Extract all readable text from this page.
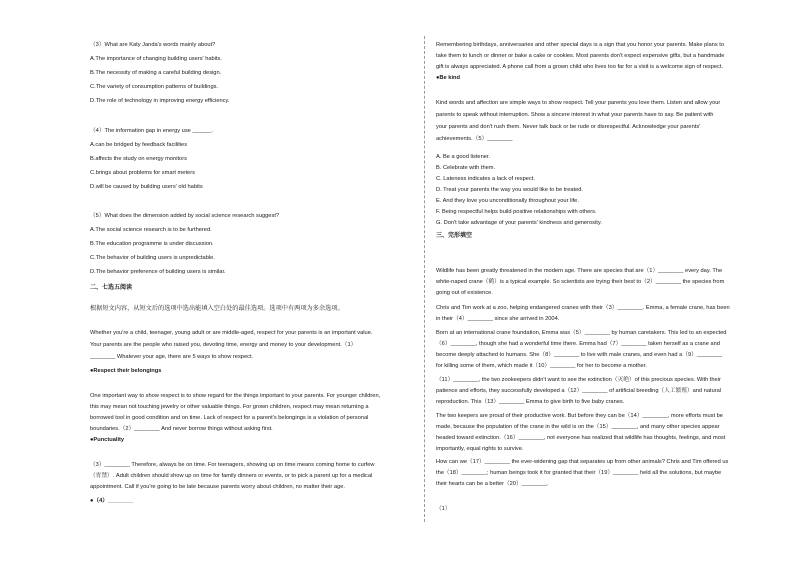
（3）What are Katy Janda's words mainly about?
A.The importance of changing building users' habits.
B.The necessity of making a careful building design.
C.The variety of consumption patterns of buildings.
D.The role of technology in improving energy efficiency.
（4）The information gap in energy use ______.
A.can be bridged by feedback facilities
B.affects the study on energy monitors
C.brings about problems for smart meters
D.will be caused by building users' old habits
（5）What does the dimension added by social science research suggest?
A.The social science research is to be furthered.
B.The education programme is under discussion.
C.The behavior of building users is unpredictable.
D.The behavior preference of building users is similar.
二、七选五阅读
根据短文内容，从短文后的选项中选出能填入空白处的最佳选项。选项中有两项为多余选项。
Whether you're a child, teenager, young adult or are middle-aged, respect for your parents is an important value.
Your parents are the people who raised you, devoting time, energy and money to your development.（1）
________ Whatever your age, there are 5 ways to show respect.
●Respect their belongings
One important way to show respect is to show regard for the things important to your parents. For younger children,
this may mean not touching jewelry or other valuable things. For grown children, respect may mean returning a
borrowed tool in good condition and on time. Lack of respect for a parent's belongings is a violation of personal
boundaries.（2）________ And never borrow things without asking first.
●Punctuality
（3）________ Therefore, always be on time. For teenagers, showing up on time means coming home to curfew
（宵禁）. Adult children should show up on time for family dinners or events, or to pick a parent up for a medical
appointment. Call if you're going to be late because parents worry about children, no matter their age.
●（4）________
Remembering birthdays, anniversaries and other special days is a sign that you honor your parents. Make plans to
take them to lunch or dinner or bake a cake or cookies. Most parents don't expect expensive gifts, but a handmade
gift is always appreciated. A phone call from a grown child who lives too far for a visit is a welcome sign of respect.
●Be kind
Kind words and affection are simple ways to show respect. Tell your parents you love them. Listen and allow your
parents to speak without interruption. Show a sincere interest in what your parents have to say. Be patient with
your parents and don't rush them. Never talk back or be rude or disrespectful. Acknowledge your parents'
achievements.（5）________
A. Be a good listener.
B. Celebrate with them.
C. Lateness indicates a lack of respect.
D. Treat your parents the way you would like to be treated.
E. And they love you unconditionally throughout your life.
F. Being respectful helps build positive relationships with others.
G. Don't take advantage of your parents' kindness and generosity.
三、完形填空
Wildlife has been greatly threatened in the modern age. There are species that are（1）________ every day. The
white-naped crane（鹤）is a typical example. So scientists are trying their best to（2）________ the species from
going out of existence.
Chris and Tim work at a zoo, helping endangered cranes with their（3）________. Emma, a female crane, has been
in their（4）________ since she arrived in 2004.
Born at an international crane foundation, Emma was（5）________ by human caretakers. This led to an expected
（6）________, though she had a wonderful time there. Emma had（7）________ taken herself as a crane and
become deeply attached to humans. She（8）________ to live with male cranes, and even had a（9）________
for killing some of them, which made it（10）________ for her to become a mother.
（11）________, the two zookeepers didn't want to see the extinction（灭绝）of this precious species. With their
patience and efforts, they successfully developed a（12）________ of artificial breeding（人工繁殖）and natural
reproduction. This（13）________ Emma to give birth to five baby cranes.
The two keepers are proud of their productive work. But before they can be（14）________, more efforts must be
made, because the population of the crane in the wild is on the（15）________, and many other species appear
headed toward extinction.（16）________, not everyone has realized that wildlife has thoughts, feelings, and most
importantly, equal rights to survive.
How can we（17）________ the ever-widening gap that separates up from other animals? Chris and Tim offered us
the（18）________; human beings took it for granted that their（19）________ held all the solutions, but maybe
their hearts can be a better（20）________.
（1）
